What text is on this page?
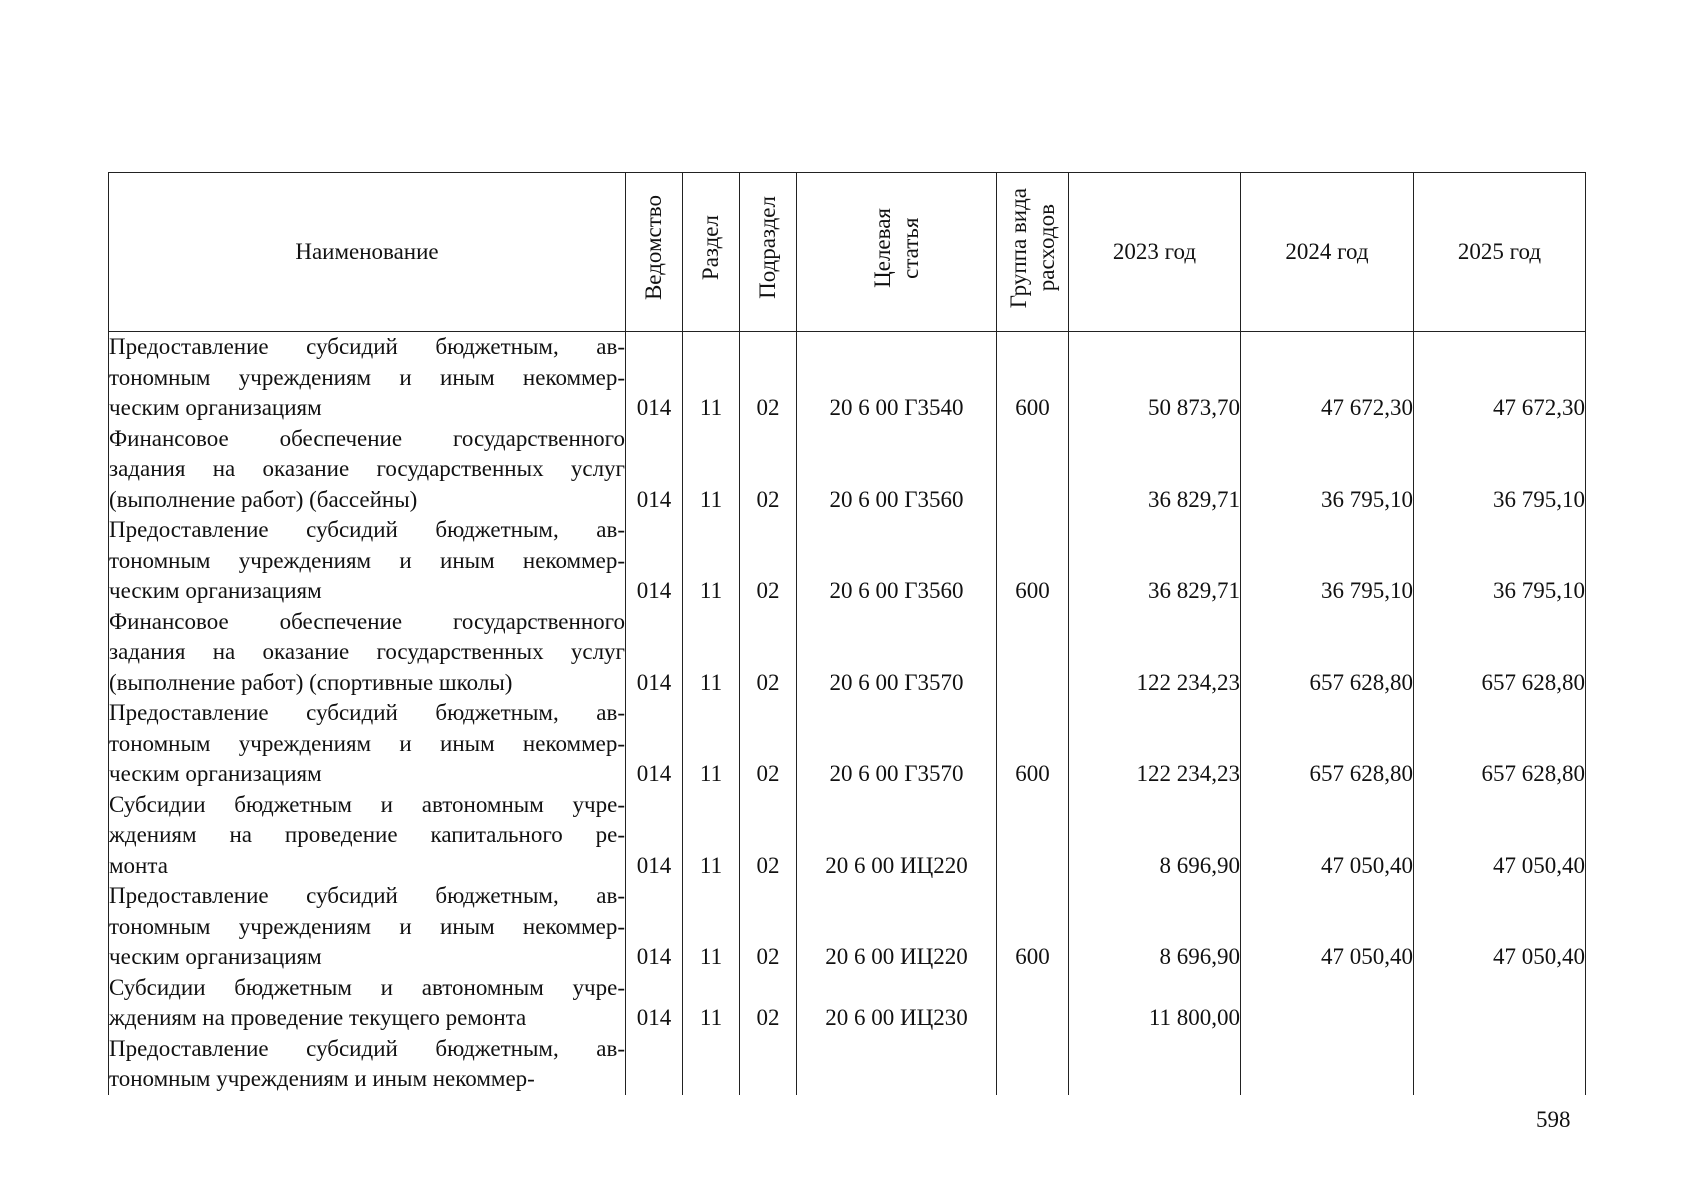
Наименование	Ведомство	Раздел	Подраздел	Целевая статья	Группа вида расходов	2023 год	2024 год	2025 год

Предоставление субсидий бюджетным, ав-
тономным учреждениям и иным некоммер-
ческим организациям	014	11	02	20 6 00 Г3540	600	50 873,70	47 672,30	47 672,30

Финансовое обеспечение государственного
задания на оказание государственных услуг
(выполнение работ) (бассейны)	014	11	02	20 6 00 Г3560		36 829,71	36 795,10	36 795,10

Предоставление субсидий бюджетным, ав-
тономным учреждениям и иным некоммер-
ческим организациям	014	11	02	20 6 00 Г3560	600	36 829,71	36 795,10	36 795,10

Финансовое обеспечение государственного
задания на оказание государственных услуг
(выполнение работ) (спортивные школы)	014	11	02	20 6 00 Г3570		122 234,23	657 628,80	657 628,80

Предоставление субсидий бюджетным, ав-
тономным учреждениям и иным некоммер-
ческим организациям	014	11	02	20 6 00 Г3570	600	122 234,23	657 628,80	657 628,80

Субсидии бюджетным и автономным учре-
ждениям на проведение капитального ре-
монта	014	11	02	20 6 00 ИЦ220		8 696,90	47 050,40	47 050,40

Предоставление субсидий бюджетным, ав-
тономным учреждениям и иным некоммер-
ческим организациям	014	11	02	20 6 00 ИЦ220	600	8 696,90	47 050,40	47 050,40

Субсидии бюджетным и автономным учре-
ждениям на проведение текущего ремонта	014	11	02	20 6 00 ИЦ230		11 800,00		

Предоставление субсидий бюджетным, ав-
тономным учреждениям и иным некоммер-								

598
